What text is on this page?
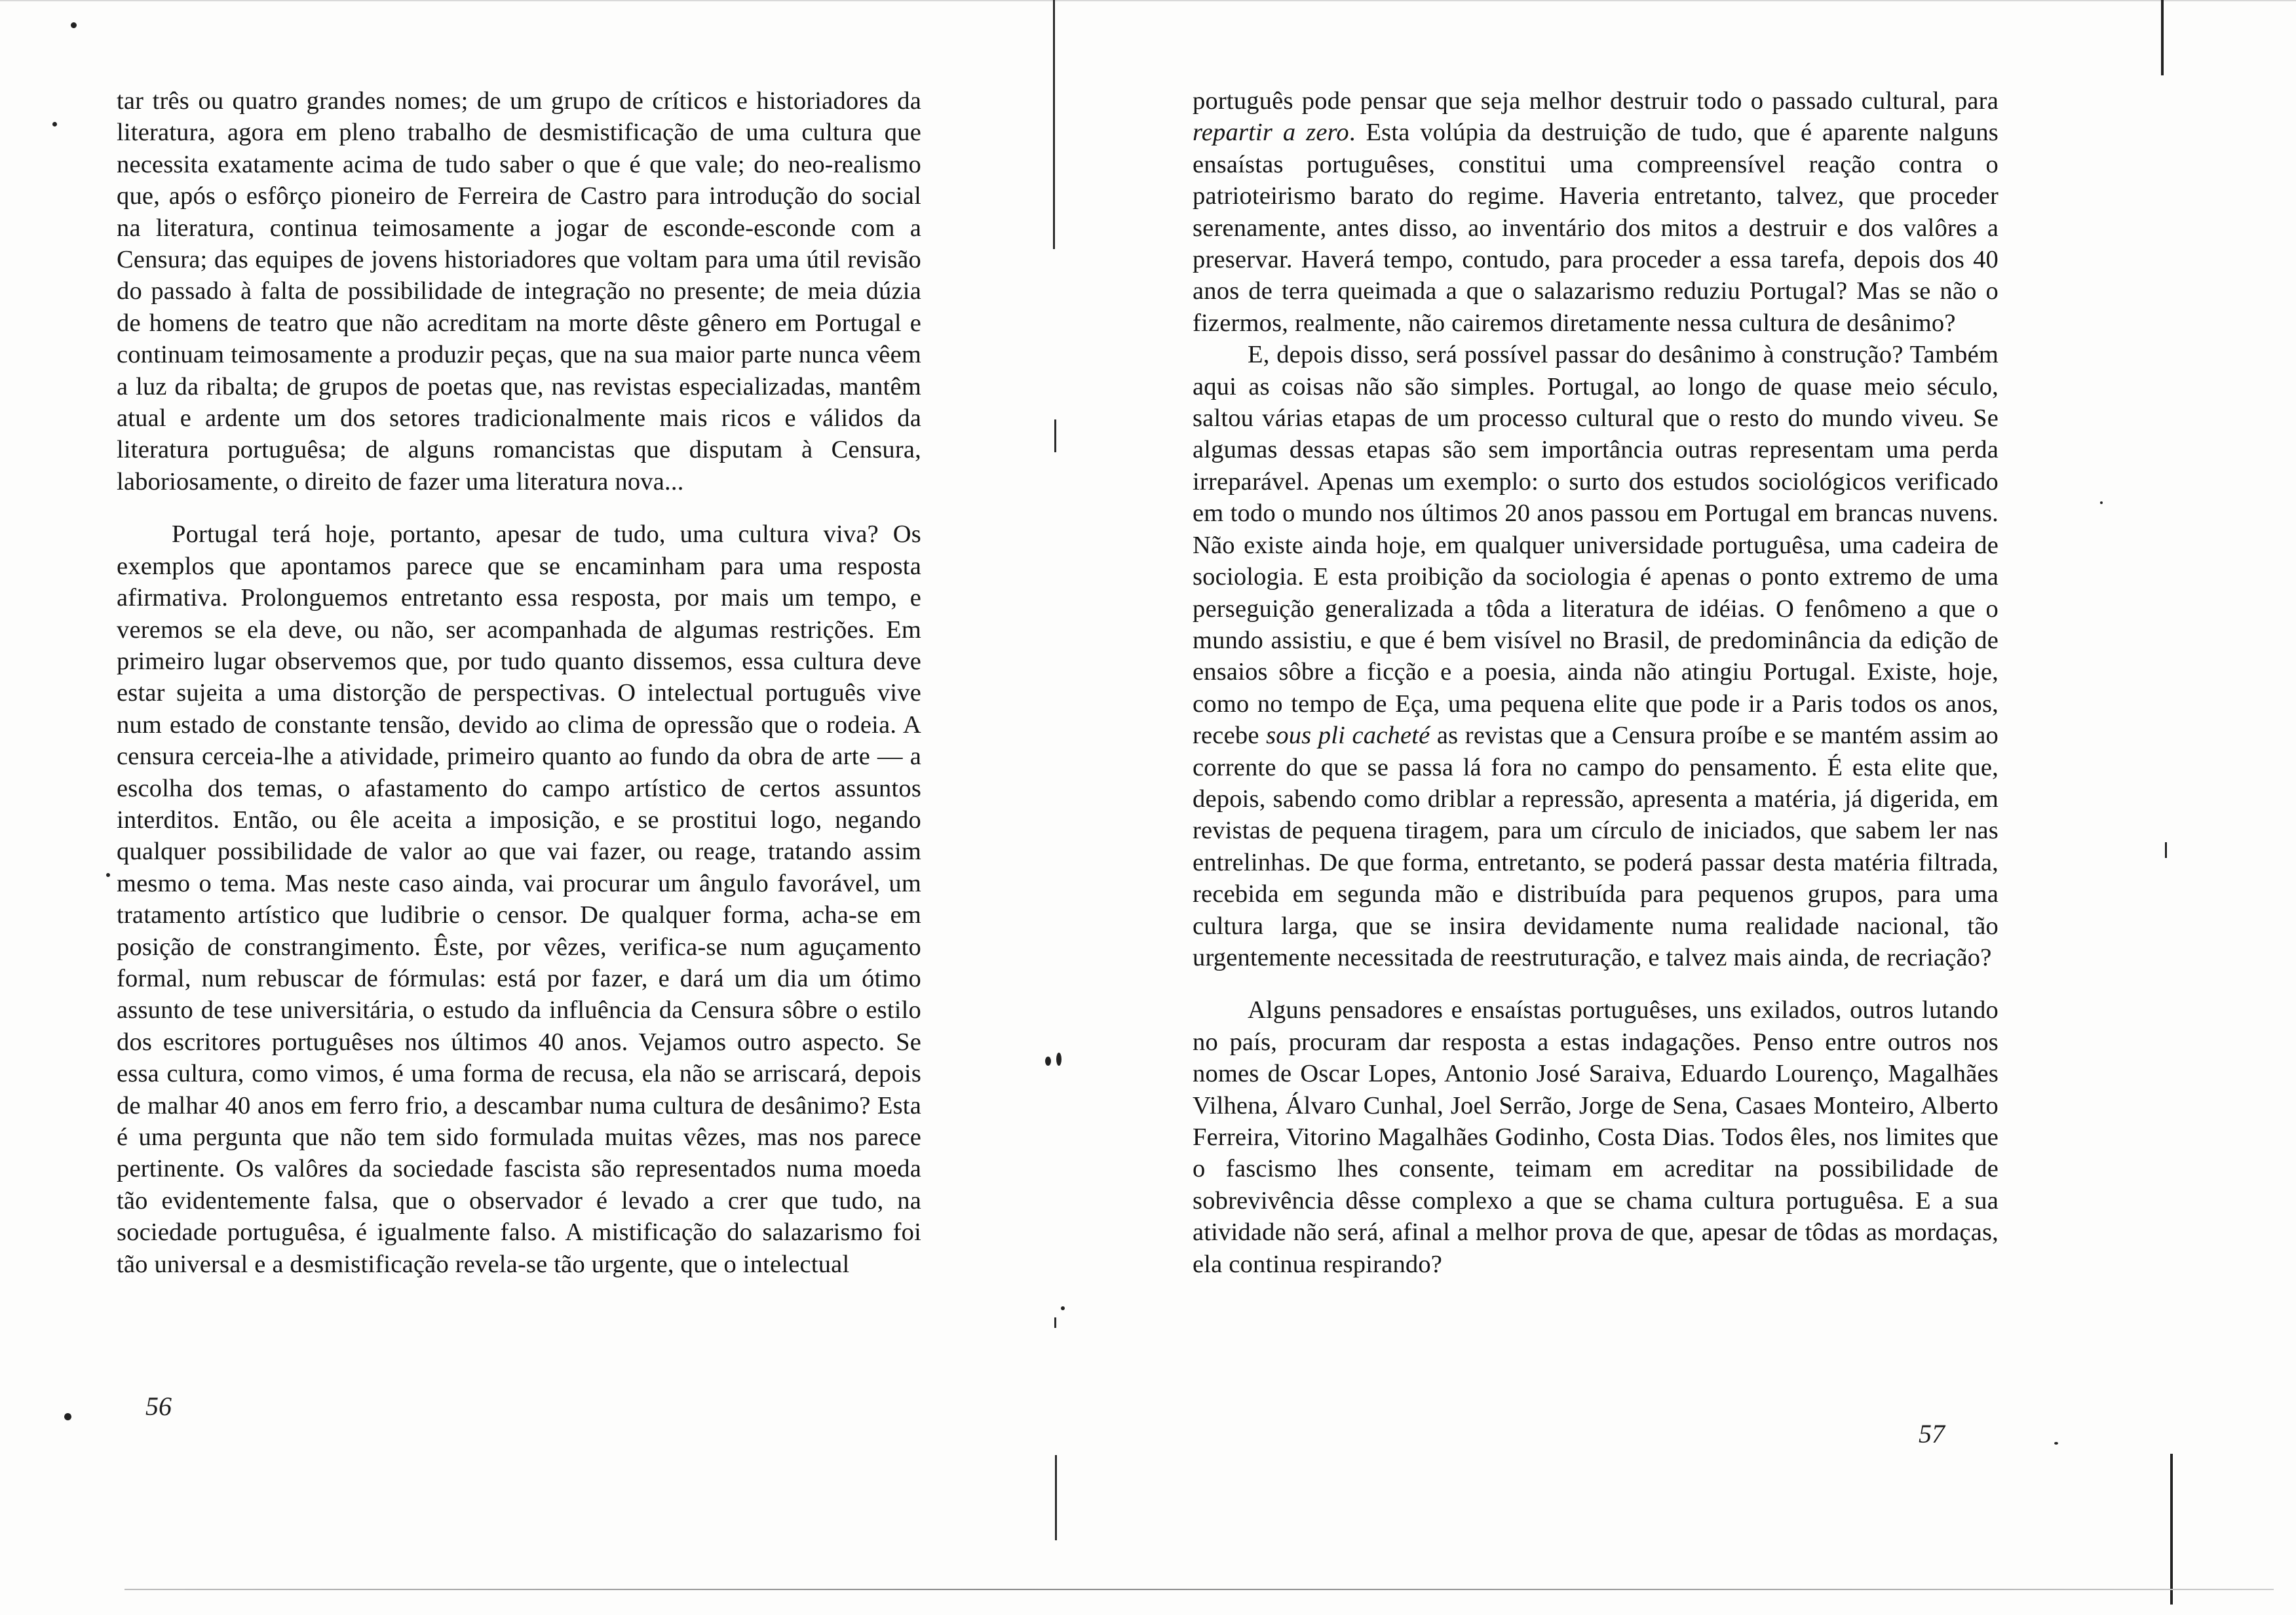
tar três ou quatro grandes nomes; de um grupo de críticos e historiadores da literatura, agora em pleno trabalho de desmistificação de uma cultura que necessita exatamente acima de tudo saber o que é que vale; do neo-realismo que, após o esfôrço pioneiro de Ferreira de Castro para introdução do social na literatura, continua teimosamente a jogar de esconde-esconde com a Censura; das equipes de jovens historiadores que voltam para uma útil revisão do passado à falta de possibilidade de integração no presente; de meia dúzia de homens de teatro que não acreditam na morte dêste gênero em Portugal e continuam teimosamente a produzir peças, que na sua maior parte nunca vêem a luz da ribalta; de grupos de poetas que, nas revistas especializadas, mantêm atual e ardente um dos setores tradicionalmente mais ricos e válidos da literatura portuguêsa; de alguns romancistas que disputam à Censura, laboriosamente, o direito de fazer uma literatura nova...

Portugal terá hoje, portanto, apesar de tudo, uma cultura viva? Os exemplos que apontamos parece que se encaminham para uma resposta afirmativa. Prolonguemos entretanto essa resposta, por mais um tempo, e veremos se ela deve, ou não, ser acompanhada de algumas restrições. Em primeiro lugar observemos que, por tudo quanto dissemos, essa cultura deve estar sujeita a uma distorção de perspectivas. O intelectual português vive num estado de constante tensão, devido ao clima de opressão que o rodeia. A censura cerceia-lhe a atividade, primeiro quanto ao fundo da obra de arte — a escolha dos temas, o afastamento do campo artístico de certos assuntos interditos. Então, ou êle aceita a imposição, e se prostitui logo, negando qualquer possibilidade de valor ao que vai fazer, ou reage, tratando assim mesmo o tema. Mas neste caso ainda, vai procurar um ângulo favorável, um tratamento artístico que ludibrie o censor. De qualquer forma, acha-se em posição de constrangimento. Êste, por vêzes, verifica-se num aguçamento formal, num rebuscar de fórmulas: está por fazer, e dará um dia um ótimo assunto de tese universitária, o estudo da influência da Censura sôbre o estilo dos escritores portuguêses nos últimos 40 anos. Vejamos outro aspecto. Se essa cultura, como vimos, é uma forma de recusa, ela não se arriscará, depois de malhar 40 anos em ferro frio, a descambar numa cultura de desânimo? Esta é uma pergunta que não tem sido formulada muitas vêzes, mas nos parece pertinente. Os valôres da sociedade fascista são representados numa moeda tão evidentemente falsa, que o observador é levado a crer que tudo, na sociedade portuguêsa, é igualmente falso. A mistificação do salazarismo foi tão universal e a desmistificação revela-se tão urgente, que o intelectual

56

português pode pensar que seja melhor destruir todo o passado cultural, para repartir a zero. Esta volúpia da destruição de tudo, que é aparente nalguns ensaístas portuguêses, constitui uma compreensível reação contra o patrioteirismo barato do regime. Haveria entretanto, talvez, que proceder serenamente, antes disso, ao inventário dos mitos a destruir e dos valôres a preservar. Haverá tempo, contudo, para proceder a essa tarefa, depois dos 40 anos de terra queimada a que o salazarismo reduziu Portugal? Mas se não o fizermos, realmente, não cairemos diretamente nessa cultura de desânimo?

E, depois disso, será possível passar do desânimo à construção? Também aqui as coisas não são simples. Portugal, ao longo de quase meio século, saltou várias etapas de um processo cultural que o resto do mundo viveu. Se algumas dessas etapas são sem importância outras representam uma perda irreparável. Apenas um exemplo: o surto dos estudos sociológicos verificado em todo o mundo nos últimos 20 anos passou em Portugal em brancas nuvens. Não existe ainda hoje, em qualquer universidade portuguêsa, uma cadeira de sociologia. E esta proibição da sociologia é apenas o ponto extremo de uma perseguição generalizada a tôda a literatura de idéias. O fenômeno a que o mundo assistiu, e que é bem visível no Brasil, de predominância da edição de ensaios sôbre a ficção e a poesia, ainda não atingiu Portugal. Existe, hoje, como no tempo de Eça, uma pequena elite que pode ir a Paris todos os anos, recebe sous pli cacheté as revistas que a Censura proíbe e se mantém assim ao corrente do que se passa lá fora no campo do pensamento. É esta elite que, depois, sabendo como driblar a repressão, apresenta a matéria, já digerida, em revistas de pequena tiragem, para um círculo de iniciados, que sabem ler nas entrelinhas. De que forma, entretanto, se poderá passar desta matéria filtrada, recebida em segunda mão e distribuída para pequenos grupos, para uma cultura larga, que se insira devidamente numa realidade nacional, tão urgentemente necessitada de reestruturação, e talvez mais ainda, de recriação?

Alguns pensadores e ensaístas portuguêses, uns exilados, outros lutando no país, procuram dar resposta a estas indagações. Penso entre outros nos nomes de Oscar Lopes, Antonio José Saraiva, Eduardo Lourenço, Magalhães Vilhena, Álvaro Cunhal, Joel Serrão, Jorge de Sena, Casaes Monteiro, Alberto Ferreira, Vitorino Magalhães Godinho, Costa Dias. Todos êles, nos limites que o fascismo lhes consente, teimam em acreditar na possibilidade de sobrevivência dêsse complexo a que se chama cultura portuguêsa. E a sua atividade não será, afinal a melhor prova de que, apesar de tôdas as mordaças, ela continua respirando?

57
